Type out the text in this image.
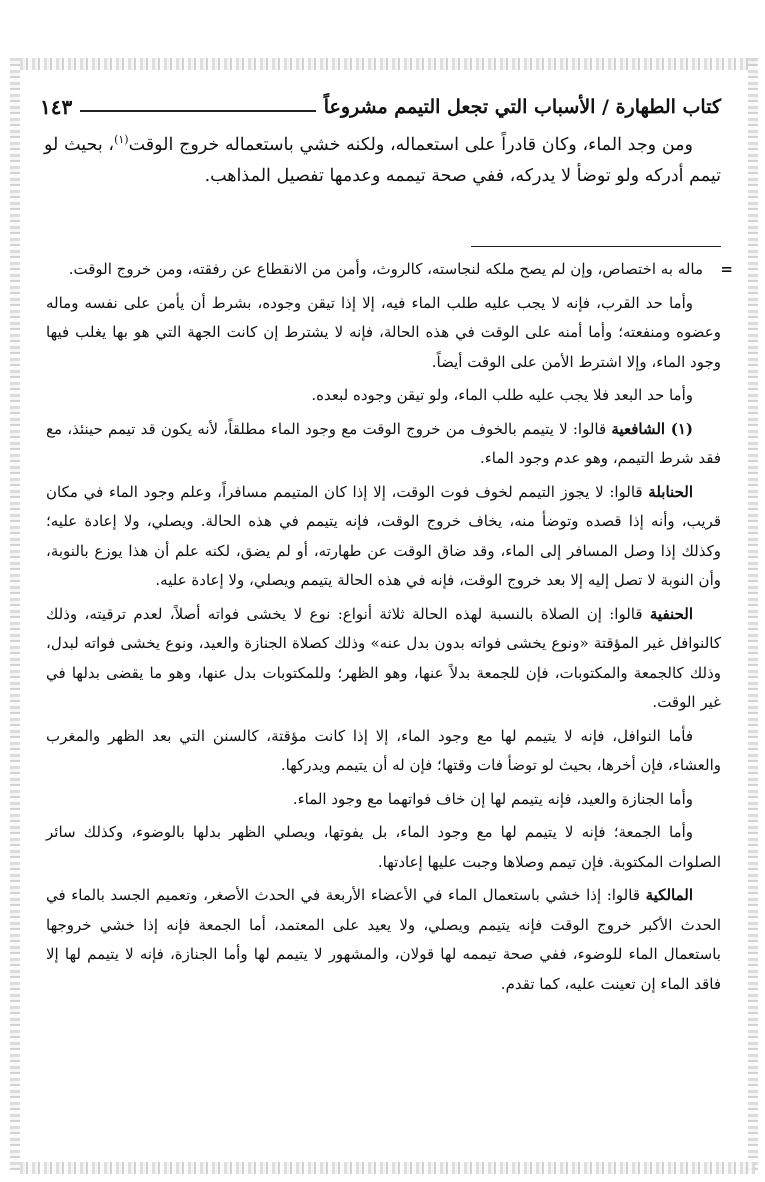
كتاب الطهارة / الأسباب التي تجعل التيمم مشروعاً
١٤٣

ومن وجد الماء، وكان قادراً على استعماله، ولكنه خشي باستعماله خروج الوقت$^{(١)}$، بحيث لو تيمم أدركه ولو توضأ لا يدركه، ففي صحة تيممه وعدمها تفصيل المذاهب.

=
ماله به اختصاص، وإن لم يصح ملكه لنجاسته، كالروث، وأمن من الانقطاع عن رفقته، ومن خروج الوقت.

وأما حد القرب، فإنه لا يجب عليه طلب الماء فيه، إلا إذا تيقن وجوده، بشرط أن يأمن على نفسه وماله وعضوه ومنفعته؛ وأما أمنه على الوقت في هذه الحالة، فإنه لا يشترط إن كانت الجهة التي هو بها يغلب فيها وجود الماء، وإلا اشترط الأمن على الوقت أيضاً.

وأما حد البعد فلا يجب عليه طلب الماء، ولو تيقن وجوده لبعده.

(١) الشافعية قالوا: لا يتيمم بالخوف من خروج الوقت مع وجود الماء مطلقاً، لأنه يكون قد تيمم حينئذ، مع فقد شرط التيمم، وهو عدم وجود الماء.

الحنابلة قالوا: لا يجوز التيمم لخوف فوت الوقت، إلا إذا كان المتيمم مسافراً، وعلم وجود الماء في مكان قريب، وأنه إذا قصده وتوضأ منه، يخاف خروج الوقت، فإنه يتيمم في هذه الحالة. ويصلي، ولا إعادة عليه؛ وكذلك إذا وصل المسافر إلى الماء، وقد ضاق الوقت عن طهارته، أو لم يضق، لكنه علم أن هذا يوزع بالنوبة، وأن النوبة لا تصل إليه إلا بعد خروج الوقت، فإنه في هذه الحالة يتيمم ويصلي، ولا إعادة عليه.

الحنفية قالوا: إن الصلاة بالنسبة لهذه الحالة ثلاثة أنواع: نوع لا يخشى فواته أصلاً، لعدم ترقيته، وذلك كالنوافل غير المؤقتة «ونوع يخشى فواته بدون بدل عنه» وذلك كصلاة الجنازة والعيد، ونوع يخشى فواته لبدل، وذلك كالجمعة والمكتوبات، فإن للجمعة بدلاً عنها، وهو الظهر؛ وللمكتوبات بدل عنها، وهو ما يقضى بدلها في غير الوقت.

فأما النوافل، فإنه لا يتيمم لها مع وجود الماء، إلا إذا كانت مؤقتة، كالسنن التي بعد الظهر والمغرب والعشاء، فإن أخرها، بحيث لو توضأ فات وقتها؛ فإن له أن يتيمم ويدركها.

وأما الجنازة والعيد، فإنه يتيمم لها إن خاف فواتهما مع وجود الماء.

وأما الجمعة؛ فإنه لا يتيمم لها مع وجود الماء، بل يفوتها، ويصلي الظهر بدلها بالوضوء، وكذلك سائر الصلوات المكتوبة. فإن تيمم وصلاها وجبت عليها إعادتها.

المالكية قالوا: إذا خشي باستعمال الماء في الأعضاء الأربعة في الحدث الأصغر، وتعميم الجسد بالماء في الحدث الأكبر خروج الوقت فإنه يتيمم ويصلي، ولا يعيد على المعتمد، أما الجمعة فإنه إذا خشي خروجها باستعمال الماء للوضوء، ففي صحة تيممه لها قولان، والمشهور لا يتيمم لها وأما الجنازة، فإنه لا يتيمم لها إلا فاقد الماء إن تعينت عليه، كما تقدم.
